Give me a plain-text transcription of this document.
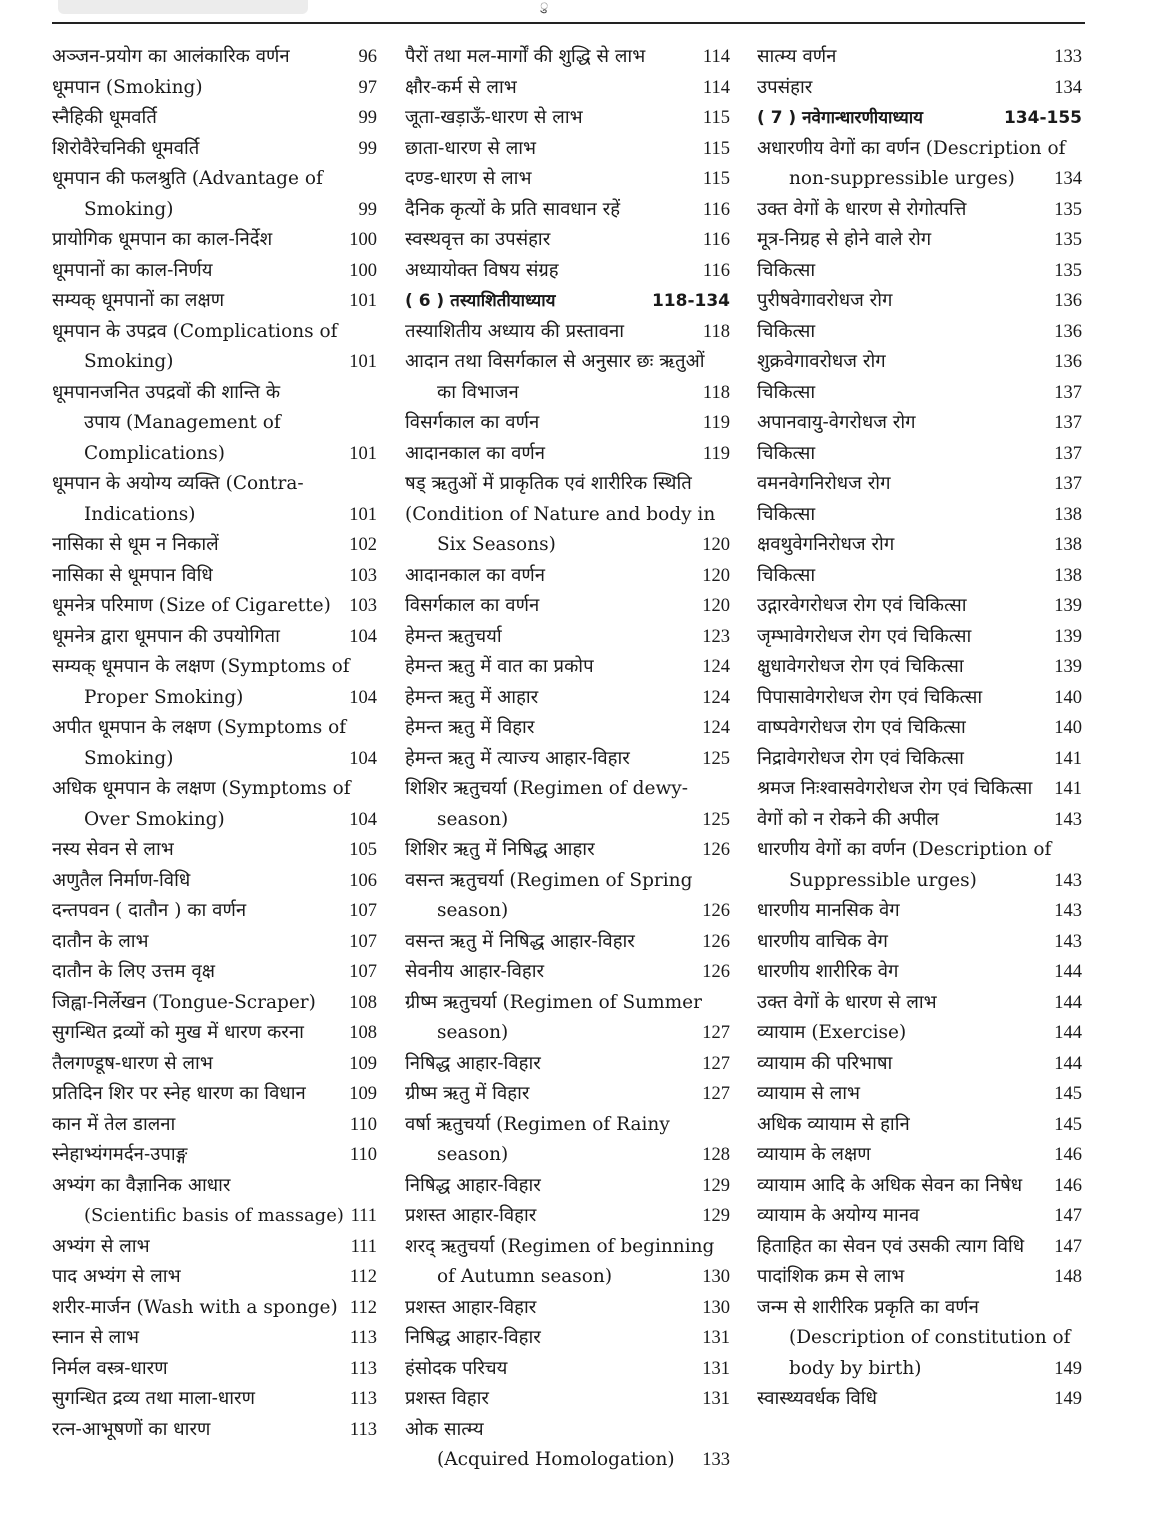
ु
अञ्जन-प्रयोग का आलंकारिक वर्णन	96
धूमपान (Smoking)	97
स्नैहिकी धूमवर्ति	99
शिरोवैरेचनिकी धूमवर्ति	99
धूमपान की फलश्रुति (Advantage of
Smoking)	99
प्रायोगिक धूमपान का काल-निर्देश	100
धूमपानों का काल-निर्णय	100
सम्यक् धूमपानों का लक्षण	101
धूमपान के उपद्रव (Complications of
Smoking)	101
धूमपानजनित उपद्रवों की शान्ति के
उपाय (Management of
Complications)	101
धूमपान के अयोग्य व्यक्ति (Contra-
Indications)	101
नासिका से धूम न निकालें	102
नासिका से धूमपान विधि	103
धूमनेत्र परिमाण (Size of Cigarette) 103
धूमनेत्र द्वारा धूमपान की उपयोगिता	104
सम्यक् धूमपान के लक्षण (Symptoms of
Proper Smoking)	104
अपीत धूमपान के लक्षण (Symptoms of
Smoking)	104
अधिक धूमपान के लक्षण (Symptoms of
Over Smoking)	104
नस्य सेवन से लाभ	105
अणुतैल निर्माण-विधि	106
दन्तपवन ( दातौन ) का वर्णन	107
दातौन के लाभ	107
दातौन के लिए उत्तम वृक्ष	107
जिह्वा-निर्लेखन (Tongue-Scraper) 108
सुगन्धित द्रव्यों को मुख में धारण करना 108
तैलगण्डूष-धारण से लाभ	109
प्रतिदिन शिर पर स्नेह धारण का विधान 109
कान में तेल डालना	110
स्नेहाभ्यंगमर्दन-उपाङ्ग	110
अभ्यंग का वैज्ञानिक आधार
(Scientific basis of massage) 111
अभ्यंग से लाभ	111
पाद अभ्यंग से लाभ	112
शरीर-मार्जन (Wash with a sponge) 112
स्नान से लाभ	113
निर्मल वस्त्र-धारण	113
सुगन्धित द्रव्य तथा माला-धारण	113
रत्न-आभूषणों का धारण	113
पैरों तथा मल-मार्गों की शुद्धि से लाभ	114
क्षौर-कर्म से लाभ	114
जूता-खड़ाऊँ-धारण से लाभ	115
छाता-धारण से लाभ	115
दण्ड-धारण से लाभ	115
दैनिक कृत्यों के प्रति सावधान रहें	116
स्वस्थवृत्त का उपसंहार	116
अध्यायोक्त विषय संग्रह	116
( 6 ) तस्याशितीयाध्याय	118-134
तस्याशितीय अध्याय की प्रस्तावना	118
आदान तथा विसर्गकाल से अनुसार छः ऋतुओं
का विभाजन	118
विसर्गकाल का वर्णन	119
आदानकाल का वर्णन	119
षड् ऋतुओं में प्राकृतिक एवं शारीरिक स्थिति
(Condition of Nature and body in
Six Seasons)	120
आदानकाल का वर्णन	120
विसर्गकाल का वर्णन	120
हेमन्त ऋतुचर्या	123
हेमन्त ऋतु में वात का प्रकोप	124
हेमन्त ऋतु में आहार	124
हेमन्त ऋतु में विहार	124
हेमन्त ऋतु में त्याज्य आहार-विहार	125
शिशिर ऋतुचर्या (Regimen of dewy-
season)	125
शिशिर ऋतु में निषिद्ध आहार	126
वसन्त ऋतुचर्या (Regimen of Spring
season)	126
वसन्त ऋतु में निषिद्ध आहार-विहार	126
सेवनीय आहार-विहार	126
ग्रीष्म ऋतुचर्या (Regimen of Summer
season)	127
निषिद्ध आहार-विहार	127
ग्रीष्म ऋतु में विहार	127
वर्षा ऋतुचर्या (Regimen of Rainy
season)	128
निषिद्ध आहार-विहार	129
प्रशस्त आहार-विहार	129
शरद् ऋतुचर्या (Regimen of beginning
of Autumn season)	130
प्रशस्त आहार-विहार	130
निषिद्ध आहार-विहार	131
हंसोदक परिचय	131
प्रशस्त विहार	131
ओक सात्म्य
(Acquired Homologation) 133
सात्म्य वर्णन	133
उपसंहार	134
( 7 ) नवेगान्धारणीयाध्याय	134-155
अधारणीय वेगों का वर्णन (Description of
non-suppressible urges) 134
उक्त वेगों के धारण से रोगोत्पत्ति	135
मूत्र-निग्रह से होने वाले रोग	135
चिकित्सा	135
पुरीषवेगावरोधज रोग	136
चिकित्सा	136
शुक्रवेगावरोधज रोग	136
चिकित्सा	137
अपानवायु-वेगरोधज रोग	137
चिकित्सा	137
वमनवेगनिरोधज रोग	137
चिकित्सा	138
क्षवथुवेगनिरोधज रोग	138
चिकित्सा	138
उद्गारवेगरोधज रोग एवं चिकित्सा	139
जृम्भावेगरोधज रोग एवं चिकित्सा	139
क्षुधावेगरोधज रोग एवं चिकित्सा	139
पिपासावेगरोधज रोग एवं चिकित्सा	140
वाष्पवेगरोधज रोग एवं चिकित्सा	140
निद्रावेगरोधज रोग एवं चिकित्सा	141
श्रमज निःश्वासवेगरोधज रोग एवं चिकित्सा 141
वेगों को न रोकने की अपील	143
धारणीय वेगों का वर्णन (Description of
Suppressible urges)	143
धारणीय मानसिक वेग	143
धारणीय वाचिक वेग	143
धारणीय शारीरिक वेग	144
उक्त वेगों के धारण से लाभ	144
व्यायाम (Exercise)	144
व्यायाम की परिभाषा	144
व्यायाम से लाभ	145
अधिक व्यायाम से हानि	145
व्यायाम के लक्षण	146
व्यायाम आदि के अधिक सेवन का निषेध 146
व्यायाम के अयोग्य मानव	147
हिताहित का सेवन एवं उसकी त्याग विधि 147
पादांशिक क्रम से लाभ	148
जन्म से शारीरिक प्रकृति का वर्णन
(Description of constitution of
body by birth)	149
स्वास्थ्यवर्धक विधि	149
